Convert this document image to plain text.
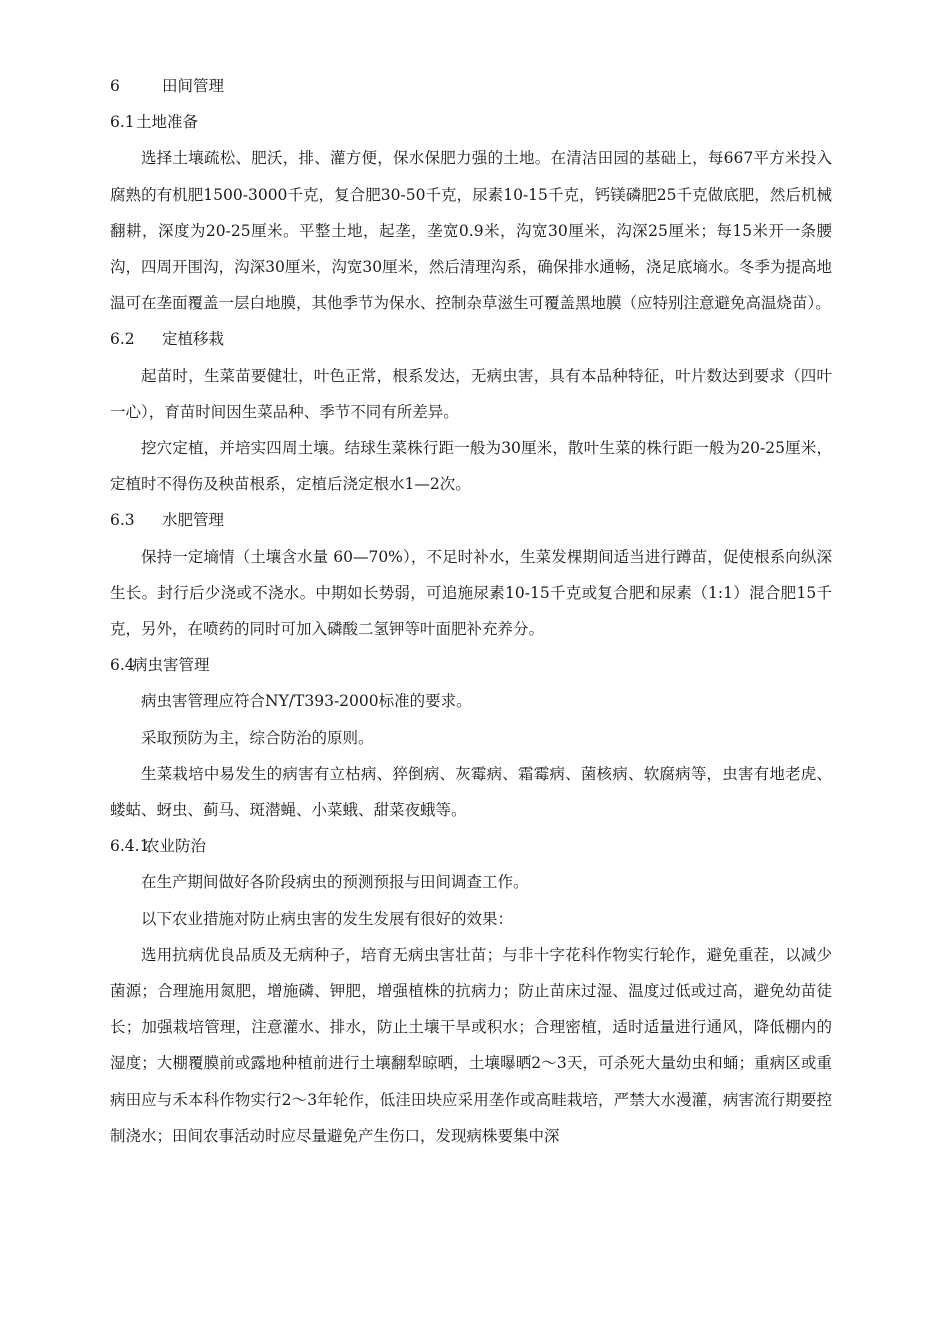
6	田间管理
6.1土地准备

选择土壤疏松、肥沃，排、灌方便，保水保肥力强的土地。在清洁田园的基础上，每667平方米投入腐熟的有机肥1500-3000千克，复合肥30-50千克，尿素10-15千克，钙镁磷肥25千克做底肥，然后机械翻耕，深度为20-25厘米。平整土地，起垄，垄宽0.9米，沟宽30厘米，沟深25厘米；每15米开一条腰沟，四周开围沟，沟深30厘米，沟宽30厘米，然后清理沟系，确保排水通畅，浇足底墒水。冬季为提高地温可在垄面覆盖一层白地膜，其他季节为保水、控制杂草滋生可覆盖黑地膜（应特别注意避免高温烧苗）。

6.2 定植移栽

起苗时，生菜苗要健壮，叶色正常，根系发达，无病虫害，具有本品种特征，叶片数达到要求（四叶一心），育苗时间因生菜品种、季节不同有所差异。

挖穴定植，并培实四周土壤。结球生菜株行距一般为30厘米，散叶生菜的株行距一般为20-25厘米，定植时不得伤及秧苗根系，定植后浇定根水1—2次。

6.3 水肥管理

保持一定墒情（土壤含水量 60—70%），不足时补水，生菜发棵期间适当进行蹲苗，促使根系向纵深生长。封行后少浇或不浇水。中期如长势弱，可追施尿素10-15千克或复合肥和尿素（1:1）混合肥15千克，另外，在喷药的同时可加入磷酸二氢钾等叶面肥补充养分。

6.4病虫害管理

病虫害管理应符合NY/T393-2000标准的要求。

采取预防为主，综合防治的原则。

生菜栽培中易发生的病害有立枯病、猝倒病、灰霉病、霜霉病、菌核病、软腐病等，虫害有地老虎、蝼蛄、蚜虫、蓟马、斑潜蝇、小菜蛾、甜菜夜蛾等。

6.4.1农业防治

在生产期间做好各阶段病虫的预测预报与田间调查工作。

以下农业措施对防止病虫害的发生发展有很好的效果：

选用抗病优良品质及无病种子，培育无病虫害壮苗；与非十字花科作物实行轮作，避免重茬，以减少菌源；合理施用氮肥，增施磷、钾肥，增强植株的抗病力；防止苗床过湿、温度过低或过高，避免幼苗徒长；加强栽培管理，注意灌水、排水，防止土壤干旱或积水；合理密植，适时适量进行通风，降低棚内的湿度；大棚覆膜前或露地种植前进行土壤翻犁晾晒，土壤曝晒2～3天，可杀死大量幼虫和蛹；重病区或重病田应与禾本科作物实行2～3年轮作，低洼田块应采用垄作或高畦栽培，严禁大水漫灌，病害流行期要控制浇水；田间农事活动时应尽量避免产生伤口，发现病株要集中深
